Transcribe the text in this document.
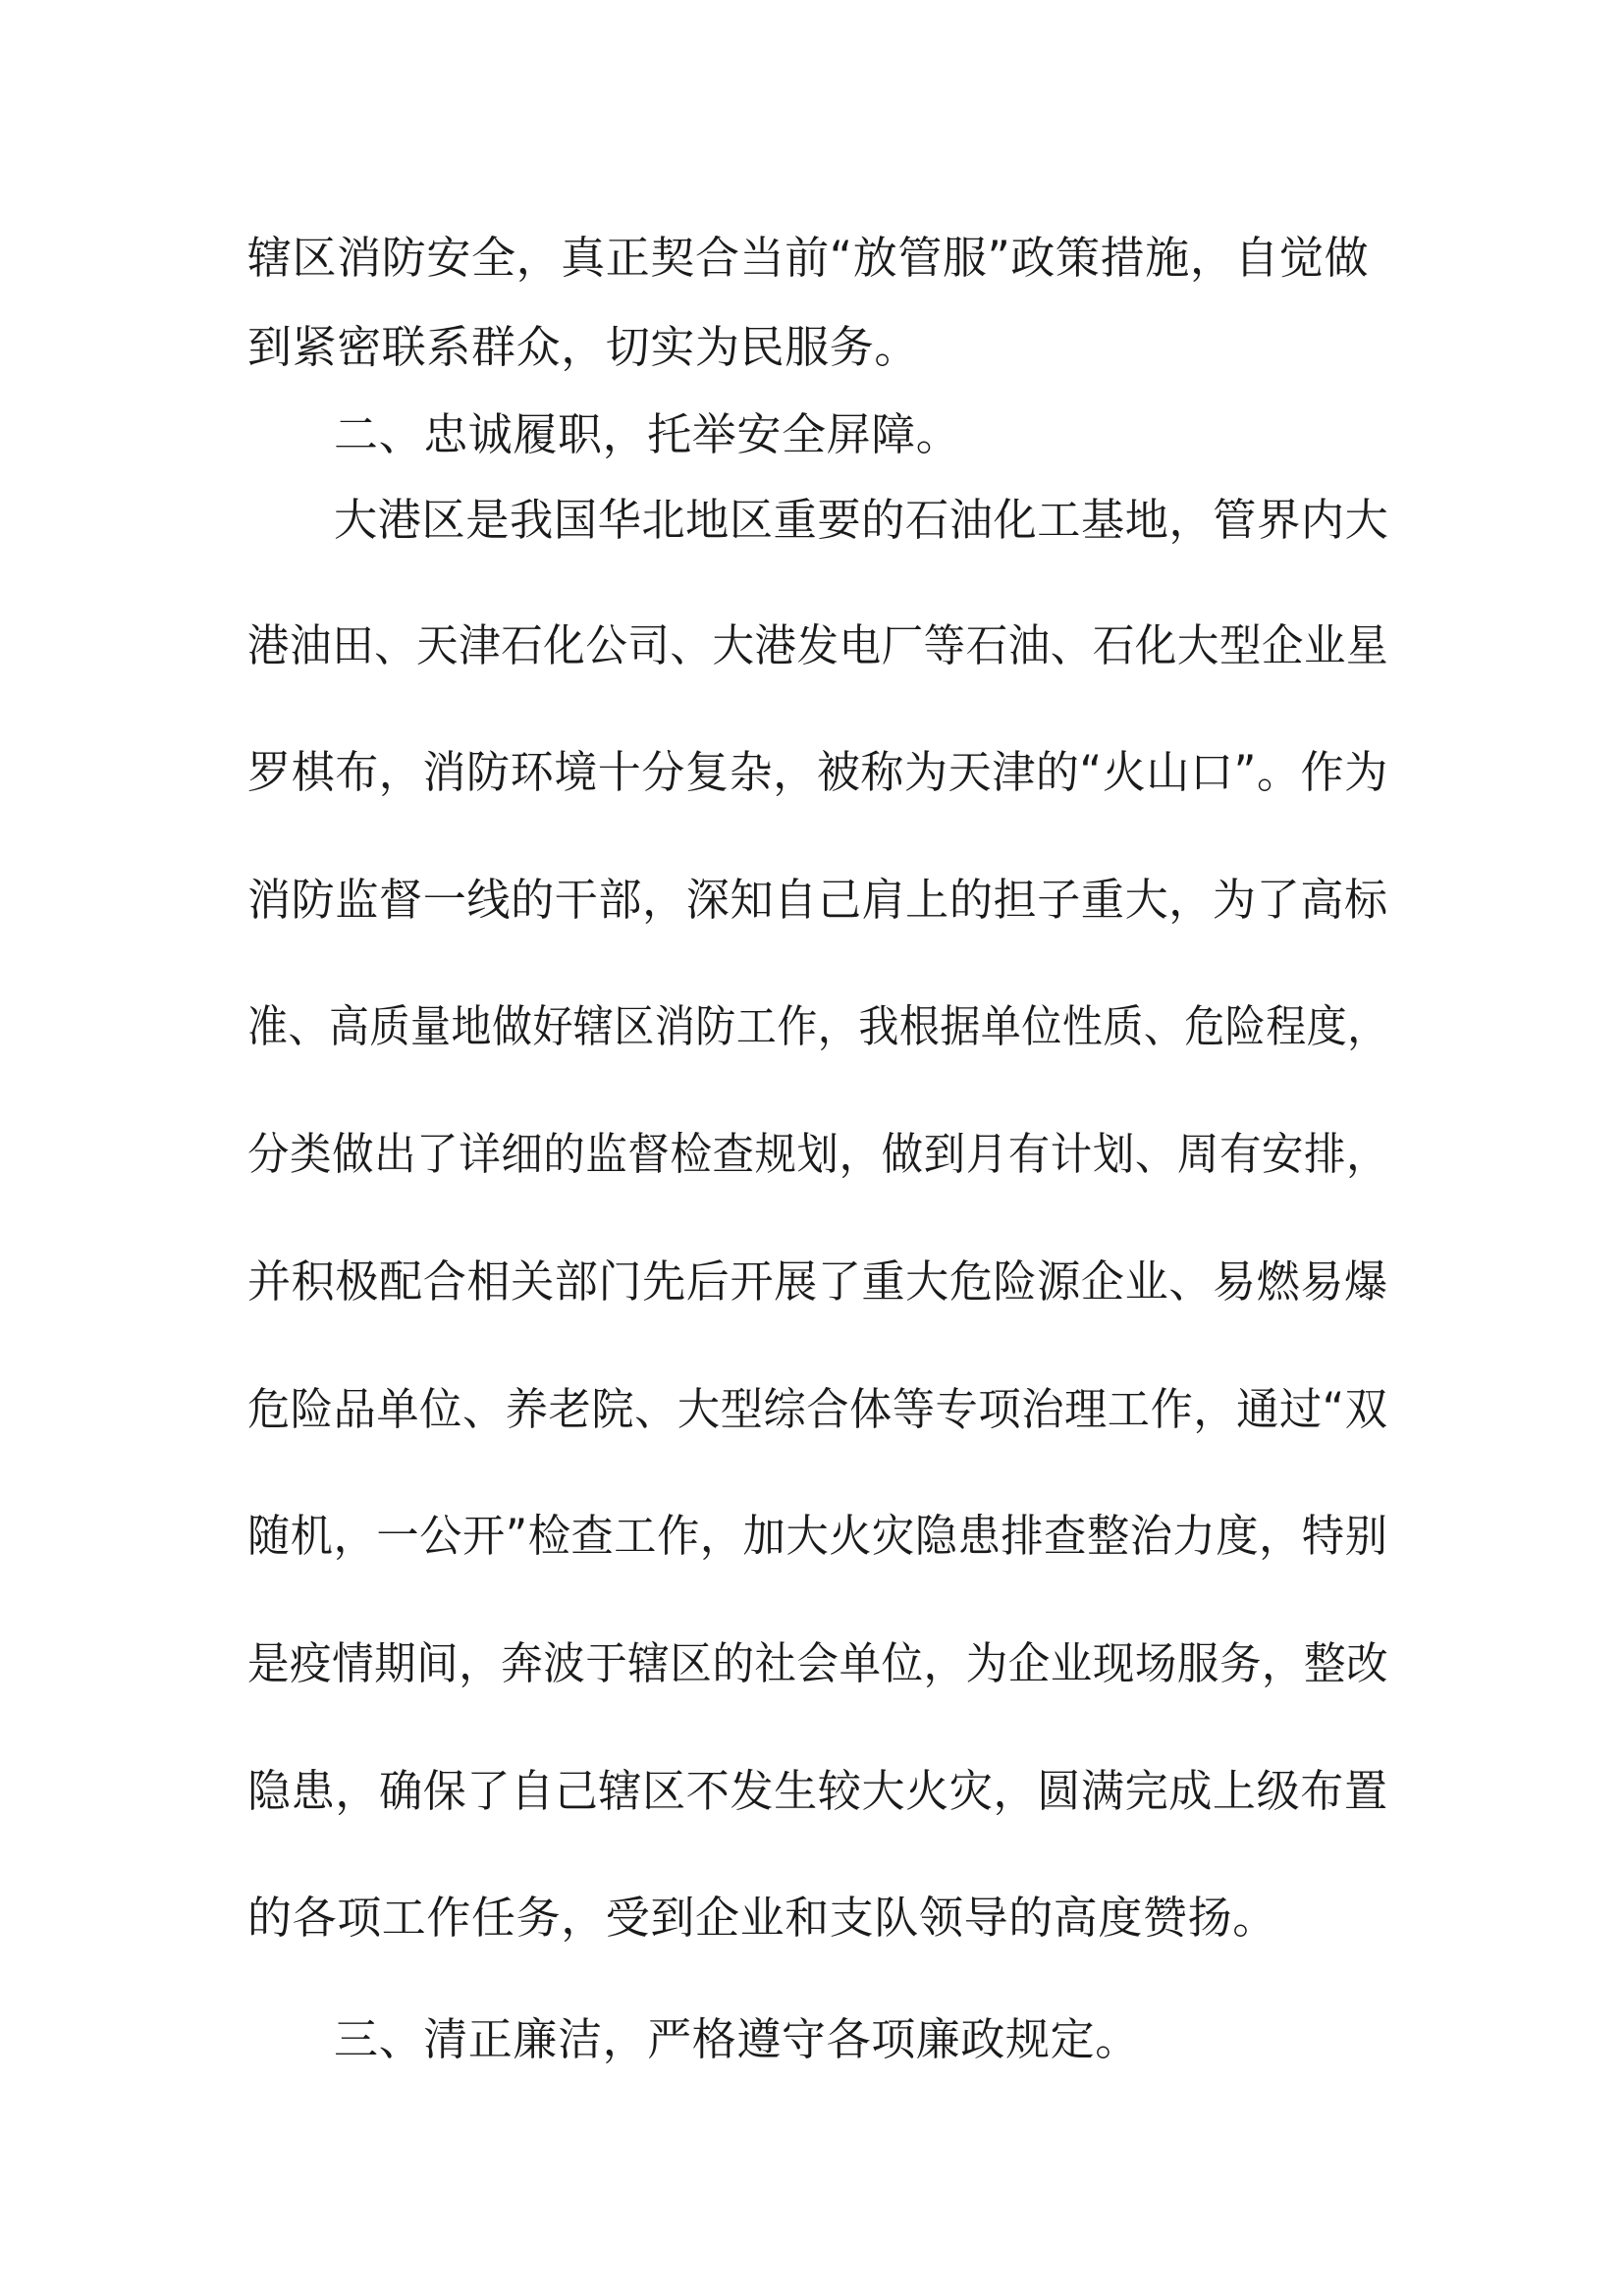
辖区消防安全，真正契合当前“放管服”政策措施，自觉做
到紧密联系群众，切实为民服务。
二、忠诚履职，托举安全屏障。
大港区是我国华北地区重要的石油化工基地，管界内大
港油田、天津石化公司、大港发电厂等石油、石化大型企业星
罗棋布，消防环境十分复杂，被称为天津的“火山口”。作为
消防监督一线的干部，深知自己肩上的担子重大，为了高标
准、高质量地做好辖区消防工作，我根据单位性质、危险程度，
分类做出了详细的监督检查规划，做到月有计划、周有安排，
并积极配合相关部门先后开展了重大危险源企业、易燃易爆
危险品单位、养老院、大型综合体等专项治理工作，通过“双
随机，一公开”检查工作，加大火灾隐患排查整治力度，特别
是疫情期间，奔波于辖区的社会单位，为企业现场服务，整改
隐患，确保了自己辖区不发生较大火灾，圆满完成上级布置
的各项工作任务，受到企业和支队领导的高度赞扬。
三、清正廉洁，严格遵守各项廉政规定。
